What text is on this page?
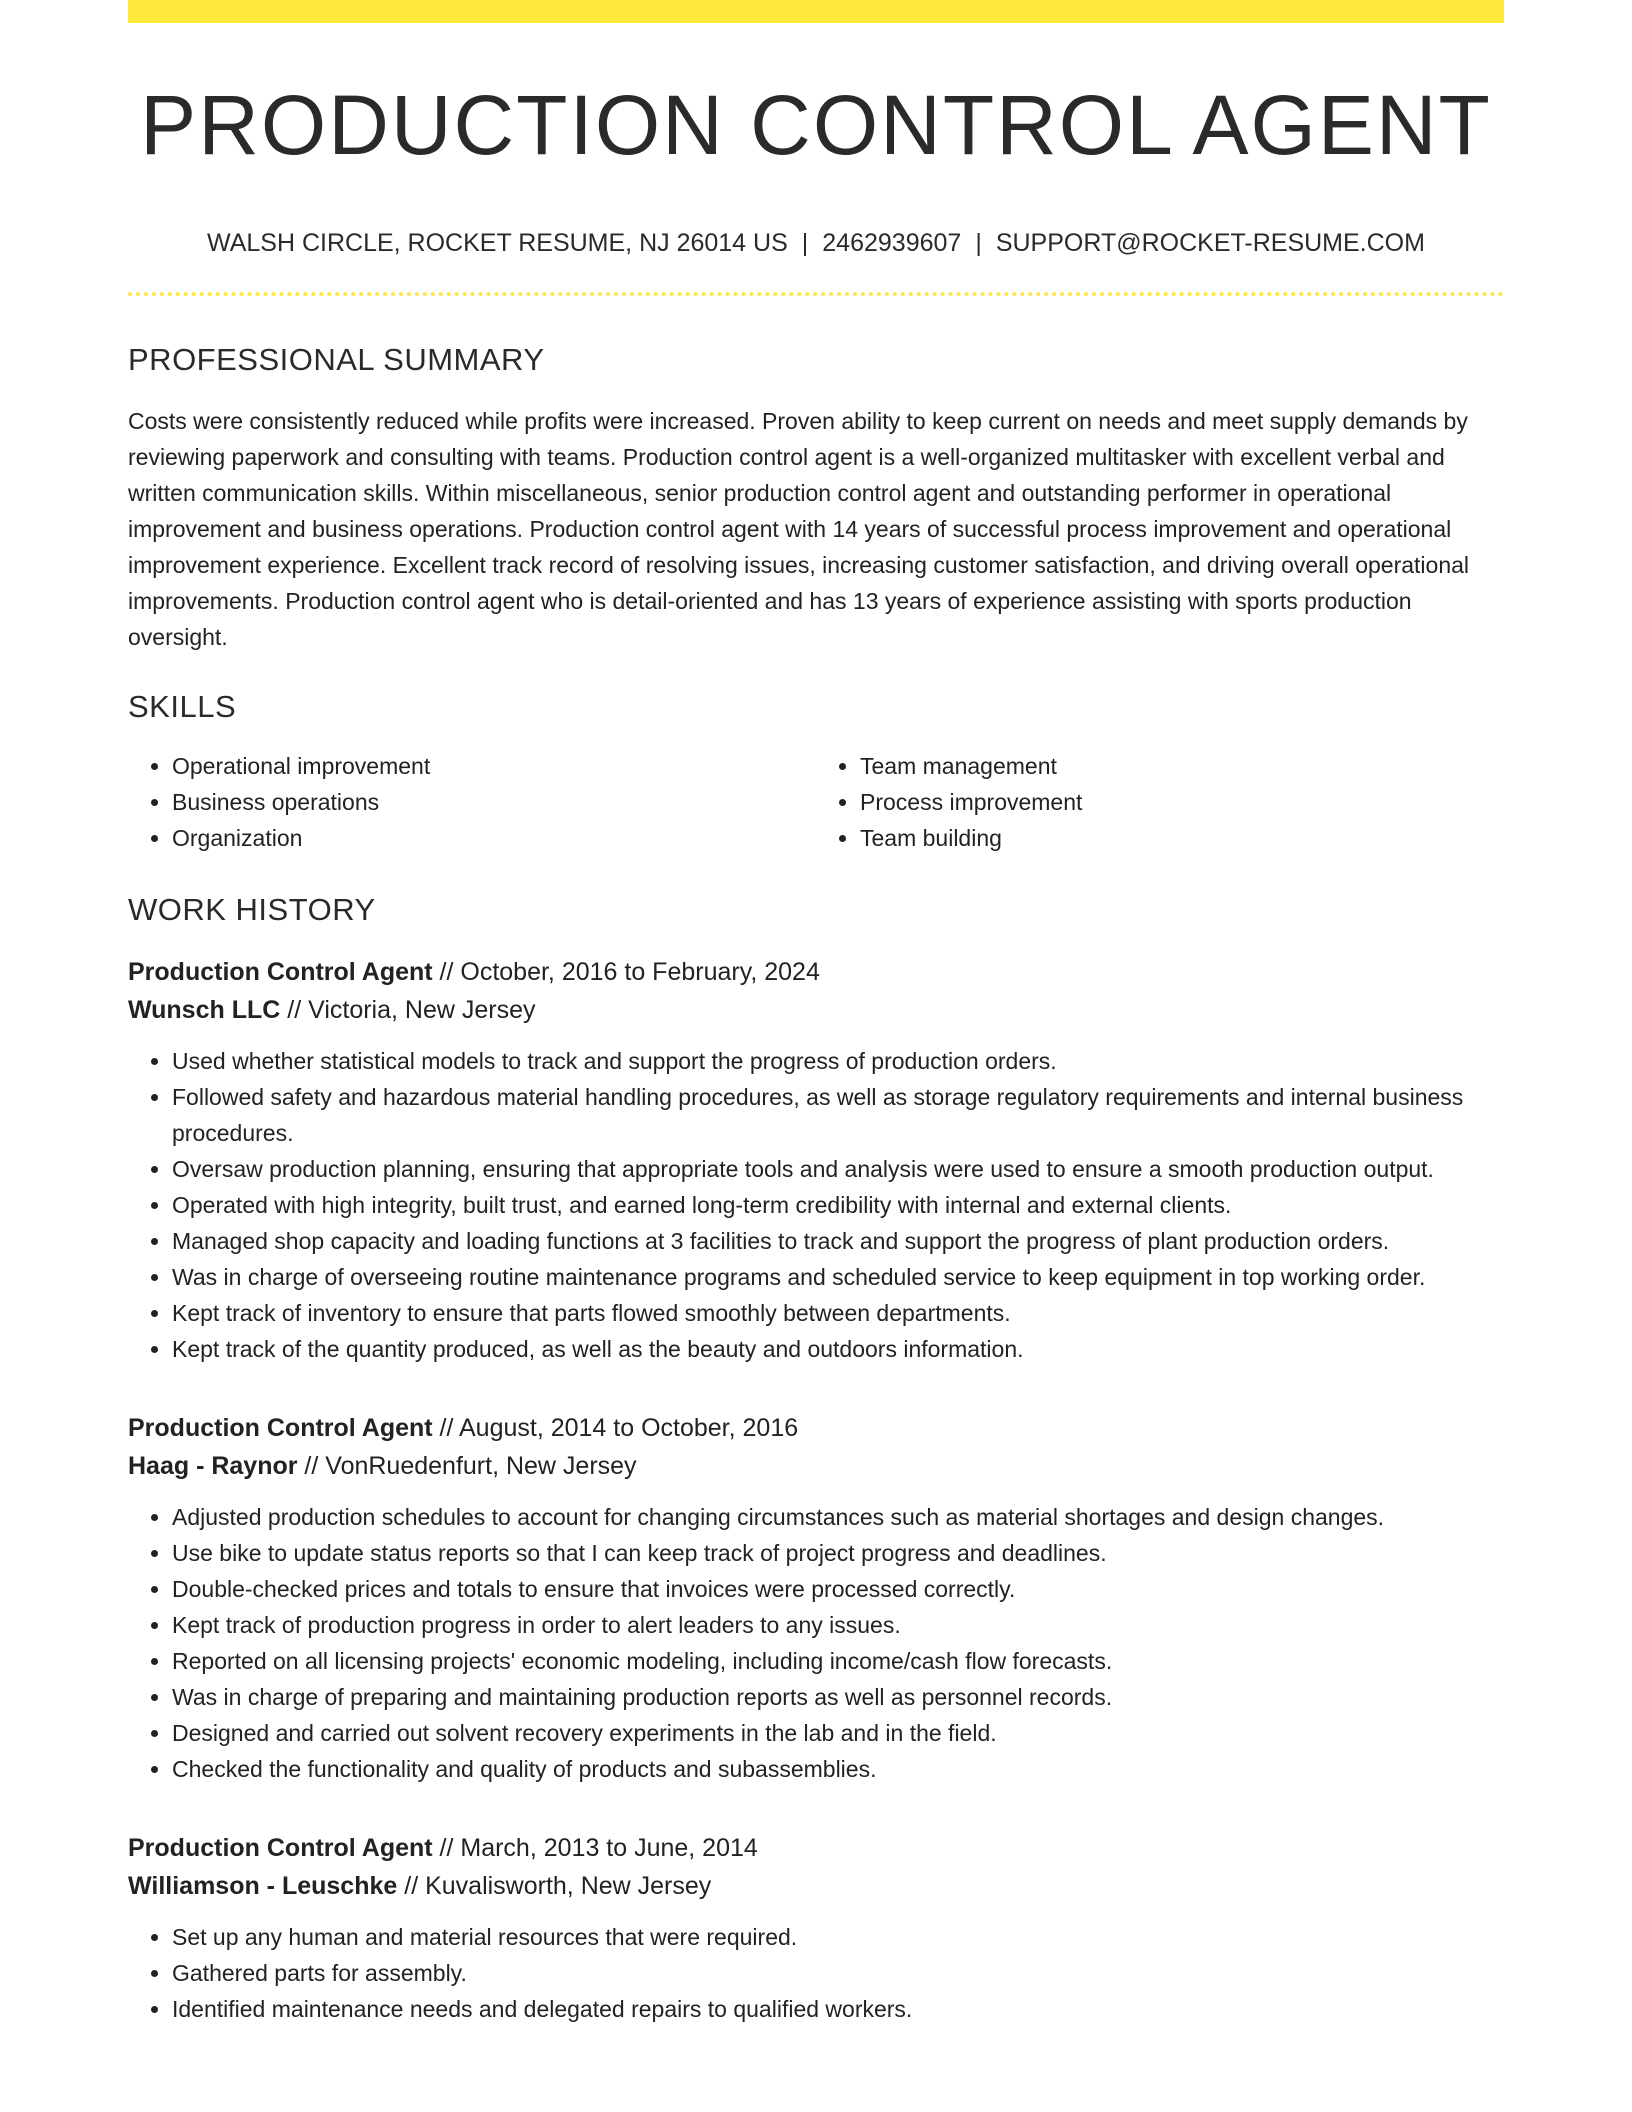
PRODUCTION CONTROL AGENT
WALSH CIRCLE, ROCKET RESUME, NJ 26014 US | 2462939607 | SUPPORT@ROCKET-RESUME.COM
PROFESSIONAL SUMMARY

Costs were consistently reduced while profits were increased. Proven ability to keep current on needs and meet supply demands by reviewing paperwork and consulting with teams. Production control agent is a well-organized multitasker with excellent verbal and written communication skills. Within miscellaneous, senior production control agent and outstanding performer in operational improvement and business operations. Production control agent with 14 years of successful process improvement and operational improvement experience. Excellent track record of resolving issues, increasing customer satisfaction, and driving overall operational improvements. Production control agent who is detail-oriented and has 13 years of experience assisting with sports production oversight.

SKILLS
• Operational improvement
• Business operations
• Organization
• Team management
• Process improvement
• Team building
WORK HISTORY
Production Control Agent // October, 2016 to February, 2024
Wunsch LLC // Victoria, New Jersey
• Used whether statistical models to track and support the progress of production orders.
• Followed safety and hazardous material handling procedures, as well as storage regulatory requirements and internal business procedures.
• Oversaw production planning, ensuring that appropriate tools and analysis were used to ensure a smooth production output.
• Operated with high integrity, built trust, and earned long-term credibility with internal and external clients.
• Managed shop capacity and loading functions at 3 facilities to track and support the progress of plant production orders.
• Was in charge of overseeing routine maintenance programs and scheduled service to keep equipment in top working order.
• Kept track of inventory to ensure that parts flowed smoothly between departments.
• Kept track of the quantity produced, as well as the beauty and outdoors information.
Production Control Agent // August, 2014 to October, 2016
Haag - Raynor // VonRuedenfurt, New Jersey
• Adjusted production schedules to account for changing circumstances such as material shortages and design changes.
• Use bike to update status reports so that I can keep track of project progress and deadlines.
• Double-checked prices and totals to ensure that invoices were processed correctly.
• Kept track of production progress in order to alert leaders to any issues.
• Reported on all licensing projects' economic modeling, including income/cash flow forecasts.
• Was in charge of preparing and maintaining production reports as well as personnel records.
• Designed and carried out solvent recovery experiments in the lab and in the field.
• Checked the functionality and quality of products and subassemblies.
Production Control Agent // March, 2013 to June, 2014
Williamson - Leuschke // Kuvalisworth, New Jersey
• Set up any human and material resources that were required.
• Gathered parts for assembly.
• Identified maintenance needs and delegated repairs to qualified workers.
